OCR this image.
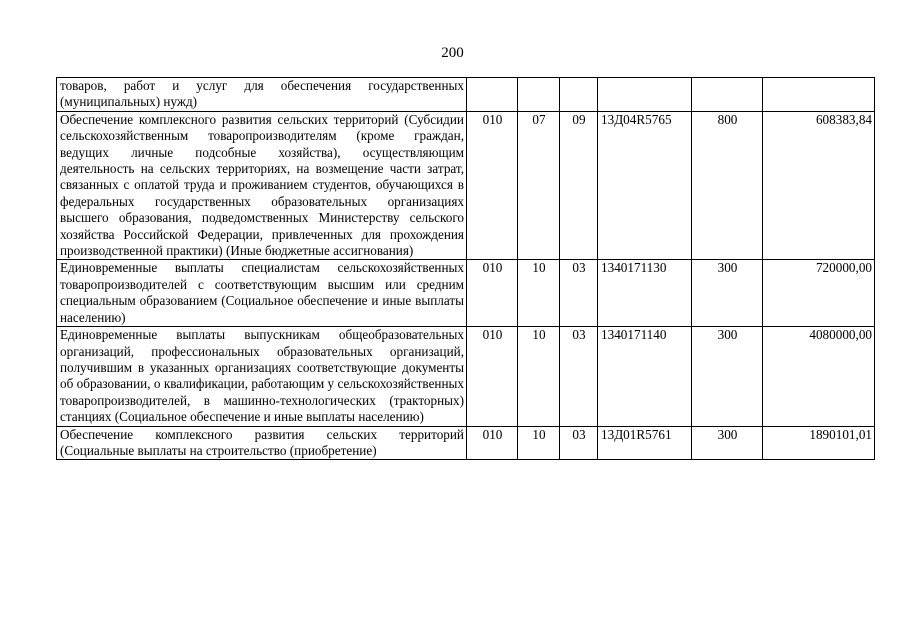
200
товаров, работ и услуг для обеспечения государственных (муниципальных) нужд)						
Обеспечение комплексного развития сельских территорий (Субсидии сельскохозяйственным товаропроизводителям (кроме граждан, ведущих личные подсобные хозяйства), осуществляющим деятельность на сельских территориях, на возмещение части затрат, связанных с оплатой труда и проживанием студентов, обучающихся в федеральных государственных образовательных организациях высшего образования, подведомственных Министерству сельского хозяйства Российской Федерации, привлеченных для прохождения производственной практики) (Иные бюджетные ассигнования)	010	07	09	13Д04R5765	800	608383,84
Единовременные выплаты специалистам сельскохозяйственных товаропроизводителей с соответствующим высшим или средним специальным образованием (Социальное обеспечение и иные выплаты населению)	010	10	03	1340171130	300	720000,00
Единовременные выплаты выпускникам общеобразовательных организаций, профессиональных образовательных организаций, получившим в указанных организациях соответствующие документы об образовании, о квалификации, работающим у сельскохозяйственных товаропроизводителей, в машинно-технологических (тракторных) станциях (Социальное обеспечение и иные выплаты населению)	010	10	03	1340171140	300	4080000,00

Обеспечение комплексного развития сельских территорий (Социальные выплаты на строительство (приобретение)	010	10	03	13Д01R5761	300	1890101,01
